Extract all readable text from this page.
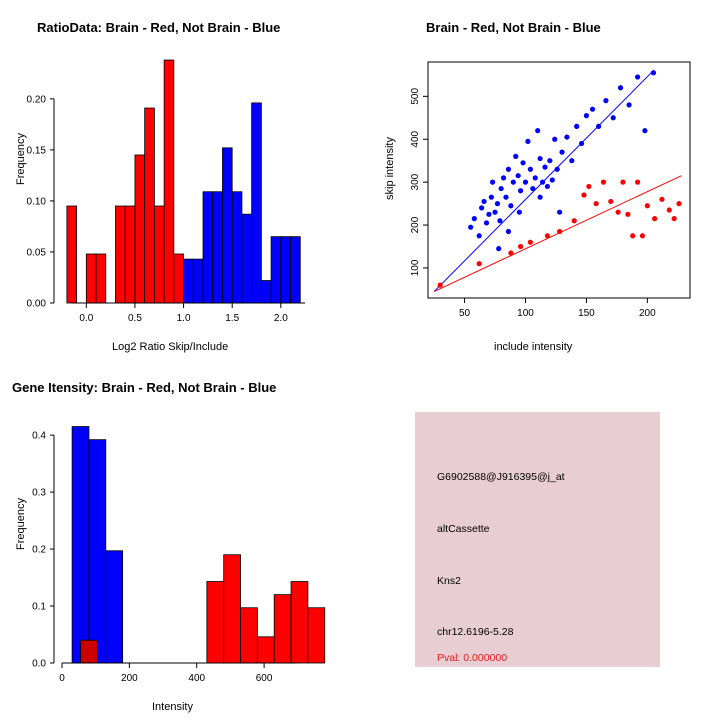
RatioData: Brain - Red, Not Brain - Blue
0.00
0.05
0.10
0.15
0.20
0.0	0.5	1.0	1.5	2.0
Log2 Ratio Skip/Include
Frequency
Brain - Red, Not Brain - Blue
50	100	150	200
100
200
300
400
500
include intensity
skip intensity
Gene Itensity: Brain - Red, Not Brain - Blue
0.0
0.1
0.2
0.3
0.4
0	200	400	600
Intensity
Frequency
G6902588@J916395@j_at
altCassette
Kns2
chr12.6196-5.28
Pval: 0.000000
